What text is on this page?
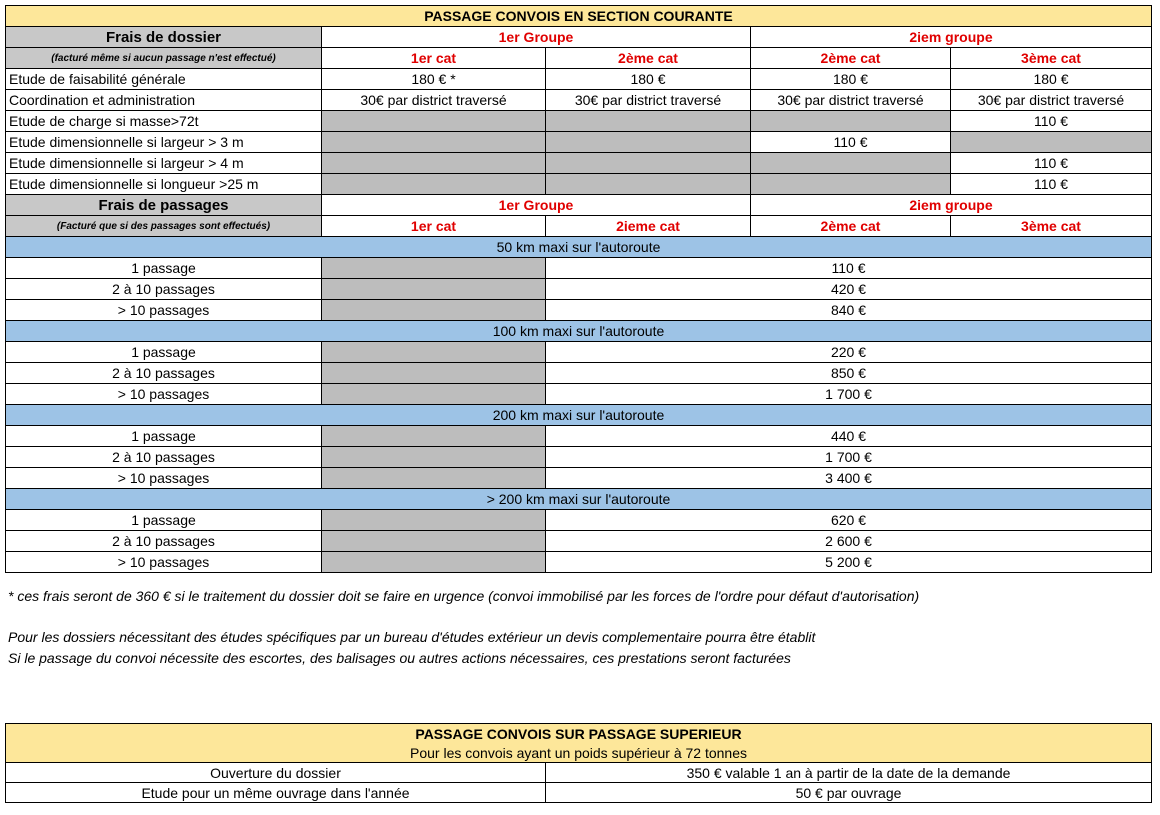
PASSAGE CONVOIS EN SECTION COURANTE				
Frais de dossier	1er Groupe		2iem groupe	
(facturé même si aucun passage n'est effectué)	1er cat	2ème cat	2ème cat	3ème cat
Etude de faisabilité générale	180 € *	180 €	180 €	180 €
Coordination et administration	30€ par district traversé	30€ par district traversé	30€ par district traversé	30€ par district traversé
Etude de charge si masse>72t				110 €
Etude dimensionnelle si largeur > 3 m			110 €	
Etude dimensionnelle si largeur > 4 m				110 €
Etude dimensionnelle si longueur >25 m				110 €
Frais de passages	1er Groupe		2iem groupe	
(Facturé que si des passages sont effectués)	1er cat	2ieme cat	2ème cat	3ème cat
50 km maxi sur l'autoroute				
1 passage		110 €		
2 à 10 passages		420 €		
> 10 passages		840 €		
100 km maxi sur l'autoroute				
1 passage		220 €		
2 à 10 passages		850 €		
> 10 passages		1 700 €		
200 km maxi sur l'autoroute				
1 passage		440 €		
2 à 10 passages		1 700 €		
> 10 passages		3 400 €		
> 200 km maxi sur l'autoroute				
1 passage		620 €		
2 à 10 passages		2 600 €		
> 10 passages		5 200 €		
* ces frais seront de 360 € si le traitement du dossier doit se faire en urgence (convoi immobilisé par les forces de l'ordre pour défaut d'autorisation)
Pour les dossiers nécessitant des études spécifiques par un bureau d'études extérieur un devis complementaire pourra être établit
Si le passage du convoi nécessite des escortes, des balisages ou autres actions nécessaires, ces prestations seront facturées
PASSAGE CONVOIS SUR PASSAGE SUPERIEUR	
Pour les convois ayant un poids supérieur à 72 tonnes	
Ouverture du dossier	350 € valable 1 an à partir de la date de la demande
Etude pour un même ouvrage dans l'année	50 € par ouvrage
